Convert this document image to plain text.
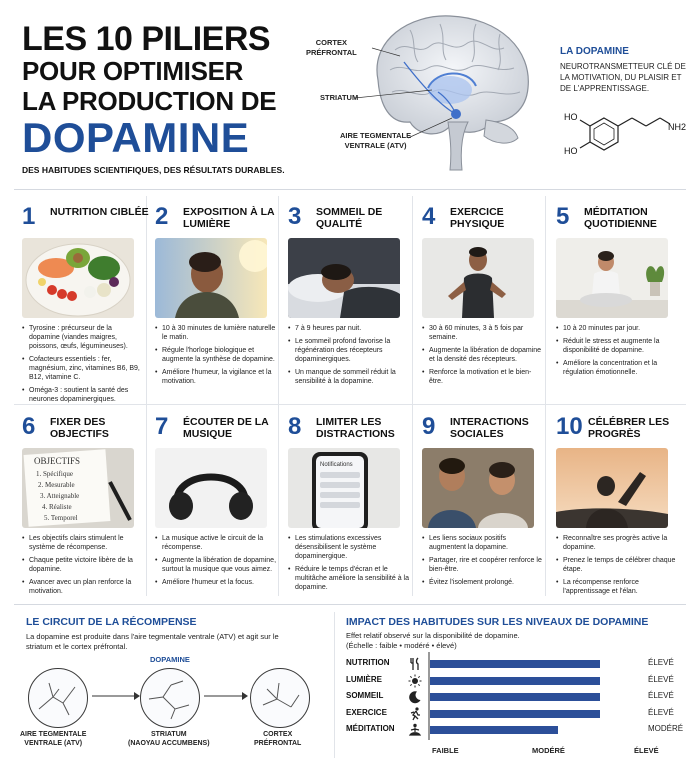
LES 10 PILIERS
POUR OPTIMISER
LA PRODUCTION DE
DOPAMINE
DES HABITUDES SCIENTIFIQUES, DES RÉSULTATS DURABLES.
CORTEX
PRÉFRONTAL
STRIATUM
AIRE TEGMENTALE
VENTRALE (ATV)
LA DOPAMINE
NEUROTRANSMETTEUR CLÉ DE LA MOTIVATION, DU PLAISIR ET DE L'APPRENTISSAGE.
HO
HO
NH2
1 NUTRITION CIBLÉE
• Tyrosine : précurseur de la dopamine (viandes maigres, poissons, œufs, légumineuses).
• Cofacteurs essentiels : fer, magnésium, zinc, vitamines B6, B9, B12, vitamine C.
• Oméga-3 : soutient la santé des neurones dopaminergiques.
2 EXPOSITION À LA LUMIÈRE
• 10 à 30 minutes de lumière naturelle le matin.
• Régule l'horloge biologique et augmente la synthèse de dopamine.
• Améliore l'humeur, la vigilance et la motivation.
3 SOMMEIL DE QUALITÉ
• 7 à 9 heures par nuit.
• Le sommeil profond favorise la régénération des récepteurs dopaminergiques.
• Un manque de sommeil réduit la sensibilité à la dopamine.
4 EXERCICE PHYSIQUE
• 30 à 60 minutes, 3 à 5 fois par semaine.
• Augmente la libération de dopamine et la densité des récepteurs.
• Renforce la motivation et le bien-être.
5 MÉDITATION QUOTIDIENNE
• 10 à 20 minutes par jour.
• Réduit le stress et augmente la disponibilité de dopamine.
• Améliore la concentration et la régulation émotionnelle.
6 FIXER DES OBJECTIFS
OBJECTIFS
1. Spécifique
2. Mesurable
3. Atteignable
4. Réaliste
5. Temporel
• Les objectifs clairs stimulent le système de récompense.
• Chaque petite victoire libère de la dopamine.
• Avancer avec un plan renforce la motivation.
7 ÉCOUTER DE LA MUSIQUE
• La musique active le circuit de la récompense.
• Augmente la libération de dopamine, surtout la musique que vous aimez.
• Améliore l'humeur et la focus.
8 LIMITER LES DISTRACTIONS
Notifications
• Les stimulations excessives désensibilisent le système dopaminergique.
• Réduire le temps d'écran et le multitâche améliore la sensibilité à la dopamine.
9 INTERACTIONS SOCIALES
• Les liens sociaux positifs augmentent la dopamine.
• Partager, rire et coopérer renforce le bien-être.
• Évitez l'isolement prolongé.
10 CÉLÉBRER LES PROGRÈS
• Reconnaître ses progrès active la dopamine.
• Prenez le temps de célébrer chaque étape.
• La récompense renforce l'apprentissage et l'élan.
LE CIRCUIT DE LA RÉCOMPENSE
La dopamine est produite dans l'aire tegmentale ventrale (ATV) et agit sur le striatum et le cortex préfrontal.
DOPAMINE
AIRE TEGMENTALE
VENTRALE (ATV)
STRIATUM
(NAOYAU ACCUMBENS)
CORTEX
PRÉFRONTAL
IMPACT DES HABITUDES SUR LES NIVEAUX DE DOPAMINE
Effet relatif observé sur la disponibilité de dopamine.
(Échelle : faible • modéré • élevé)
NUTRITION	ÉLEVÉ
LUMIÈRE	ÉLEVÉ
SOMMEIL	ÉLEVÉ
EXERCICE	ÉLEVÉ
MÉDITATION	MODÉRÉ
FAIBLE	MODÉRÉ	ÉLEVÉ
